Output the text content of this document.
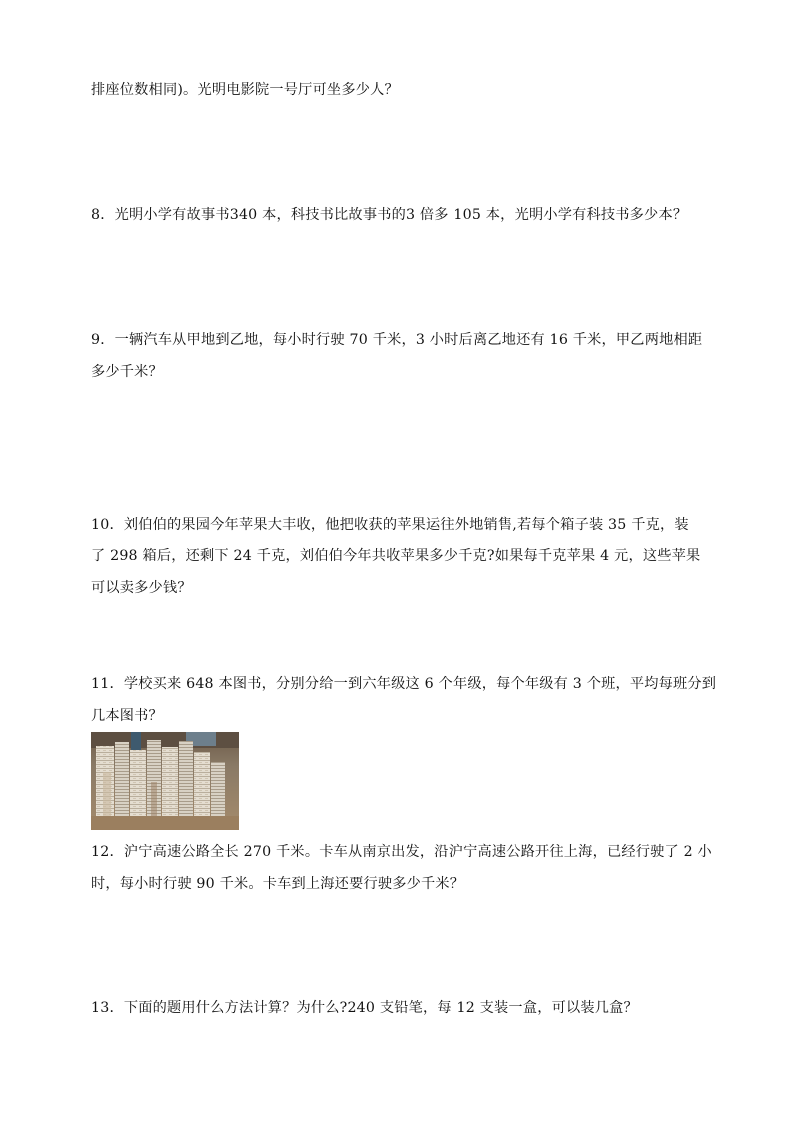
排座位数相同)。光明电影院一号厅可坐多少人？
8．光明小学有故事书340 本，科技书比故事书的3 倍多 105 本，光明小学有科技书多少本？
9．一辆汽车从甲地到乙地，每小时行驶 70 千米，3 小时后离乙地还有 16 千米，甲乙两地相距
多少千米？
10．刘伯伯的果园今年苹果大丰收，他把收获的苹果运往外地销售,若每个箱子装 35 千克，装
了 298 箱后，还剩下 24 千克，刘伯伯今年共收苹果多少千克?如果每千克苹果 4 元，这些苹果
可以卖多少钱？
11．学校买来 648 本图书，分别分给一到六年级这 6 个年级，每个年级有 3 个班，平均每班分到
几本图书？
12．沪宁高速公路全长 270 千米。卡车从南京出发，沿沪宁高速公路开往上海，已经行驶了 2 小
时，每小时行驶 90 千米。卡车到上海还要行驶多少千米？
13．下面的题用什么方法计算？为什么?240 支铅笔，每 12 支装一盒，可以装几盒？
